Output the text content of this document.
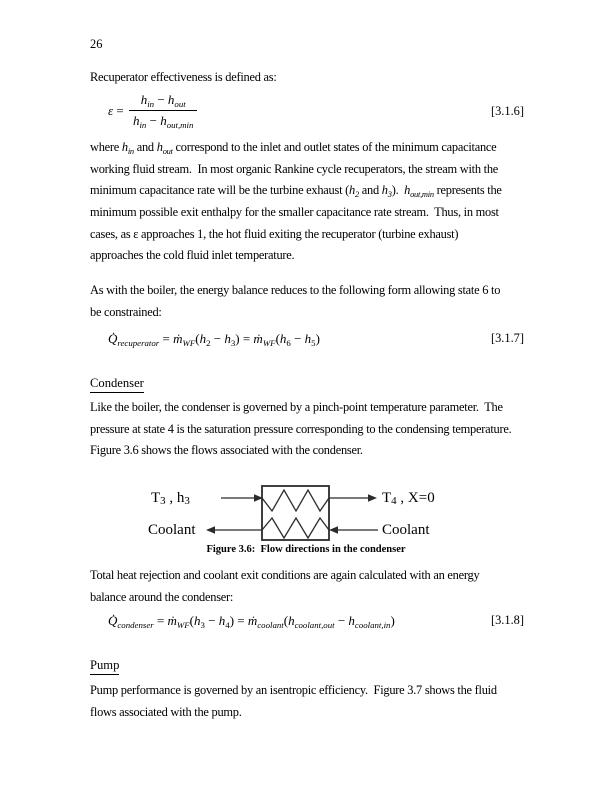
26
Recuperator effectiveness is defined as:
$\varepsilon = \frac{h_{in} - h_{out}}{h_{in} - h_{out,min}}$	[3.1.6]
where $h_{in}$ and $h_{out}$ correspond to the inlet and outlet states of the minimum capacitance
working fluid stream.  In most organic Rankine cycle recuperators, the stream with the
minimum capacitance rate will be the turbine exhaust ($h_2$ and $h_3$).  $h_{out,min}$ represents the
minimum possible exit enthalpy for the smaller capacitance rate stream.  Thus, in most
cases, as ε approaches 1, the hot fluid exiting the recuperator (turbine exhaust)
approaches the cold fluid inlet temperature.
As with the boiler, the energy balance reduces to the following form allowing state 6 to
be constrained:
$Q̇_{recuperator}$ = $ṁ_{WF}(h_2 - h_3)$ = $ṁ_{WF}(h_6 - h_5)$	[3.1.7]
Condenser
Like the boiler, the condenser is governed by a pinch-point temperature parameter.  The
pressure at state 4 is the saturation pressure corresponding to the condensing temperature.
Figure 3.6 shows the flows associated with the condenser.
$T_3$ , $h_3$	$T_4$ , X=0
Coolant	Coolant
Figure 3.6:  Flow directions in the condenser
Total heat rejection and coolant exit conditions are again calculated with an energy
balance around the condenser:
$Q̇_{condenser}$ = $ṁ_{WF}(h_3 - h_4)$ = $ṁ_{coolant}(h_{coolant,out} - h_{coolant,in})$	[3.1.8]
Pump
Pump performance is governed by an isentropic efficiency.  Figure 3.7 shows the fluid
flows associated with the pump.
